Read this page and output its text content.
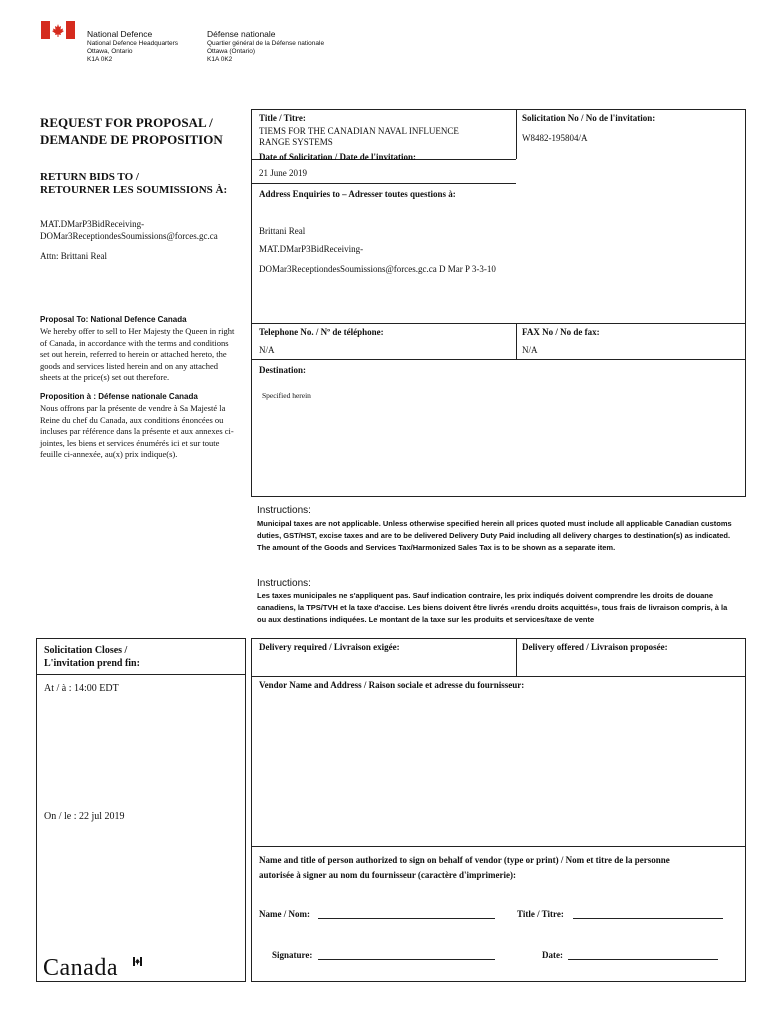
National Defence
National Defence Headquarters
Ottawa, Ontario
K1A 0K2
Défense nationale
Quartier général de la Défense nationale
Ottawa (Ontario)
K1A 0K2
REQUEST FOR PROPOSAL /
DEMANDE DE PROPOSITION
RETURN BIDS TO /
RETOURNER LES SOUMISSIONS À:
MAT.DMarP3BidReceiving-
DOMar3ReceptiondesSoumissions@forces.gc.ca
Attn: Brittani Real
Proposal To: National Defence Canada
We hereby offer to sell to Her Majesty the Queen in right of Canada, in accordance with the terms and conditions set out herein, referred to herein or attached hereto, the goods and services listed herein and on any attached sheets at the price(s) set out therefore.
Proposition à : Défense nationale Canada
Nous offrons par la présente de vendre à Sa Majesté la Reine du chef du Canada, aux conditions énoncées ou incluses par référence dans la présente et aux annexes ci-jointes, les biens et services énumérés ici et sur toute feuille ci-annexée, au(x) prix indique(s).
Solicitation Closes /
L'invitation prend fin:
At / à : 14:00 EDT
On / le : 22 jul 2019
Title / Titre:
TIEMS FOR THE CANADIAN NAVAL INFLUENCE
RANGE SYSTEMS
Solicitation No / No de l'invitation:
W8482-195804/A
Date of Solicitation / Date de l'invitation:
21 June 2019
Address Enquiries to – Adresser toutes questions à:
Brittani Real
MAT.DMarP3BidReceiving-
DOMar3ReceptiondesSoumissions@forces.gc.ca D Mar P 3-3-10
Telephone No. / Nº de téléphone:
N/A
FAX No / No de fax:
N/A
Destination:
Specified herein
Instructions:
Municipal taxes are not applicable. Unless otherwise specified herein all prices quoted must include all applicable Canadian customs duties, GST/HST, excise taxes and are to be delivered Delivery Duty Paid including all delivery charges to destination(s) as indicated. The amount of the Goods and Services Tax/Harmonized Sales Tax is to be shown as a separate item.
Instructions:
Les taxes municipales ne s'appliquent pas. Sauf indication contraire, les prix indiqués doivent comprendre les droits de douane canadiens, la TPS/TVH et la taxe d'accise. Les biens doivent être livrés «rendu droits acquittés», tous frais de livraison compris, à la ou aux destinations indiquées. Le montant de la taxe sur les produits et services/taxe de vente
Delivery required / Livraison exigée:	Delivery offered / Livraison proposée:
Vendor Name and Address / Raison sociale et adresse du fournisseur:
Name and title of person authorized to sign on behalf of vendor (type or print) / Nom et titre de la personne
autorisée à signer au nom du fournisseur (caractère d'imprimerie):
Name / Nom:	Title / Titre:
Signature:	Date:
Canada
